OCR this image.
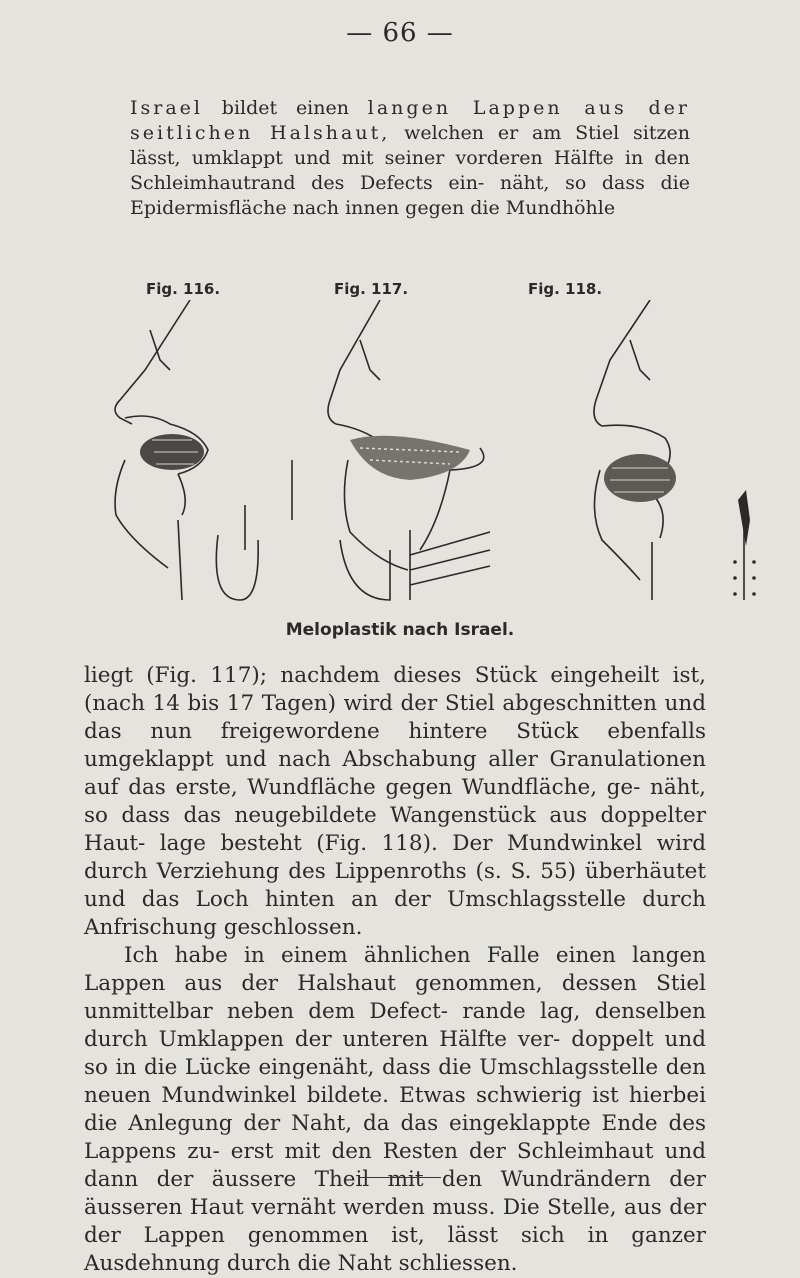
— 66 —

Israel bildet einen langen Lappen aus der seitlichen Halshaut, welchen er am Stiel sitzen lässt, umklappt und mit seiner vorderen Hälfte in den Schleimhautrand des Defects ein- näht, so dass die Epidermisfläche nach innen gegen die Mundhöhle

Fig. 116.	Fig. 117.	Fig. 118.
Meloplastik nach Israel.

liegt (Fig. 117); nachdem dieses Stück eingeheilt ist, (nach 14 bis 17 Tagen) wird der Stiel abgeschnitten und das nun freigewordene hintere Stück ebenfalls umgeklappt und nach Abschabung aller Granulationen auf das erste, Wundfläche gegen Wundfläche, ge- näht, so dass das neugebildete Wangenstück aus doppelter Haut- lage besteht (Fig. 118). Der Mundwinkel wird durch Verziehung des Lippenroths (s. S. 55) überhäutet und das Loch hinten an der Umschlagsstelle durch Anfrischung geschlossen.

Ich habe in einem ähnlichen Falle einen langen Lappen aus der Halshaut genommen, dessen Stiel unmittelbar neben dem Defect- rande lag, denselben durch Umklappen der unteren Hälfte ver- doppelt und so in die Lücke eingenäht, dass die Umschlagsstelle den neuen Mundwinkel bildete. Etwas schwierig ist hierbei die Anlegung der Naht, da das eingeklappte Ende des Lappens zu- erst mit den Resten der Schleimhaut und dann der äussere Theil mit den Wundrändern der äusseren Haut vernäht werden muss. Die Stelle, aus der der Lappen genommen ist, lässt sich in ganzer Ausdehnung durch die Naht schliessen.
